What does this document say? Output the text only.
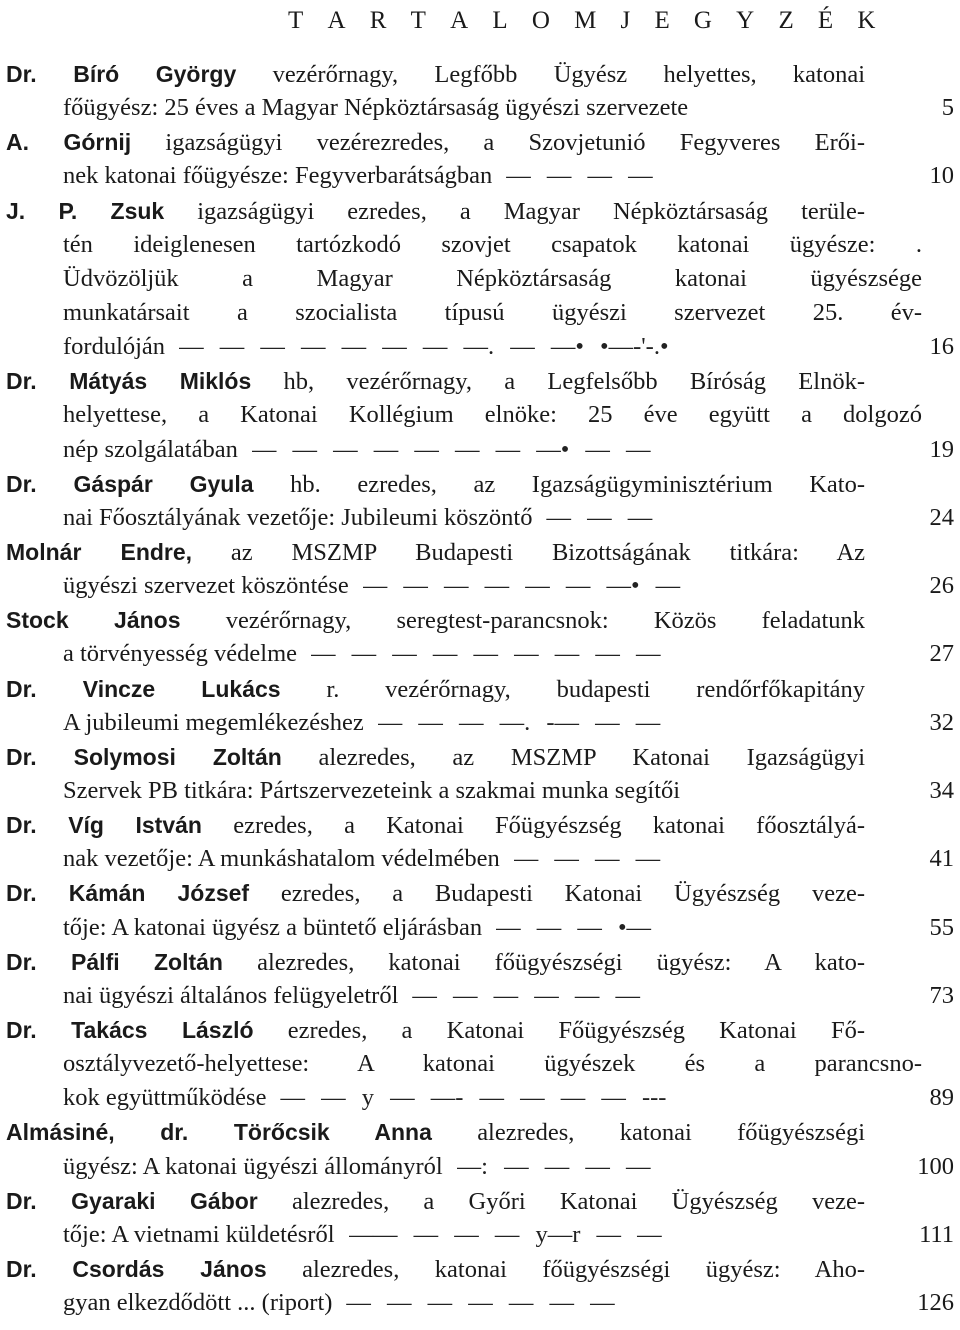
T A R T A L O M J E G Y Z É K
Dr. Bíró György vezérőrnagy, Legfőbb Ügyész helyettes, katonai
főügyész: 25 éves a Magyar Népköztársaság ügyészi szervezete	5
A. Górnij igazságügyi vezérezredes, a Szovjetunió Fegyveres Erői-
nek katonai főügyésze: Fegyverbarátságban — — — —	10
J. P. Zsuk igazságügyi ezredes, a Magyar Népköztársaság terüle-
tén ideiglenesen tartózkodó szovjet csapatok katonai ügyésze: .
Üdvözöljük a Magyar Népköztársaság katonai ügyészsége
munkatársait a szocialista típusú ügyészi szervezet 25. év-
fordulóján — — — — — — — —. — —• •—-'-.•	16
Dr. Mátyás Miklós hb, vezérőrnagy, a Legfelsőbb Bíróság Elnök-
helyettese, a Katonai Kollégium elnöke: 25 éve együtt a dolgozó
nép szolgálatában — — — — — — — —• — —	19
Dr. Gáspár Gyula hb. ezredes, az Igazságügyminisztérium Kato-
nai Főosztályának vezetője: Jubileumi köszöntő — — —	24
Molnár Endre, az MSZMP Budapesti Bizottságának titkára: Az
ügyészi szervezet köszöntése — — — — — — —• —	26
Stock János vezérőrnagy, seregtest-parancsnok: Közös feladatunk
a törvényesség védelme — — — — — — — — —	27
Dr. Vincze Lukács r. vezérőrnagy, budapesti rendőrfőkapitány
A jubileumi megemlékezéshez — — — —. -— — —	32
Dr. Solymosi Zoltán alezredes, az MSZMP Katonai Igazságügyi
Szervek PB titkára: Pártszervezeteink a szakmai munka segítői	34
Dr. Víg István ezredes, a Katonai Főügyészség katonai főosztályá-
nak vezetője: A munkáshatalom védelmében — — — —	41
Dr. Kámán József ezredes, a Budapesti Katonai Ügyészség veze-
tője: A katonai ügyész a büntető eljárásban — — — •—	55
Dr. Pálfi Zoltán alezredes, katonai főügyészségi ügyész: A kato-
nai ügyészi általános felügyeletről — — — — — —	73
Dr. Takács László ezredes, a Katonai Főügyészség Katonai Fő-
osztályvezető-helyettese: A katonai ügyészek és a parancsno-
kok együttműködése — — y — —- — — — — ---	89
Almásiné, dr. Törőcsik Anna alezredes, katonai főügyészségi
ügyész: A katonai ügyészi állományról —: — — — —	100
Dr. Gyaraki Gábor alezredes, a Győri Katonai Ügyészség veze-
tője: A vietnami küldetésről —— — — — y—r — —	111
Dr. Csordás János alezredes, katonai főügyészségi ügyész: Aho-
gyan elkezdődött ... (riport) — — — — — — —	126
